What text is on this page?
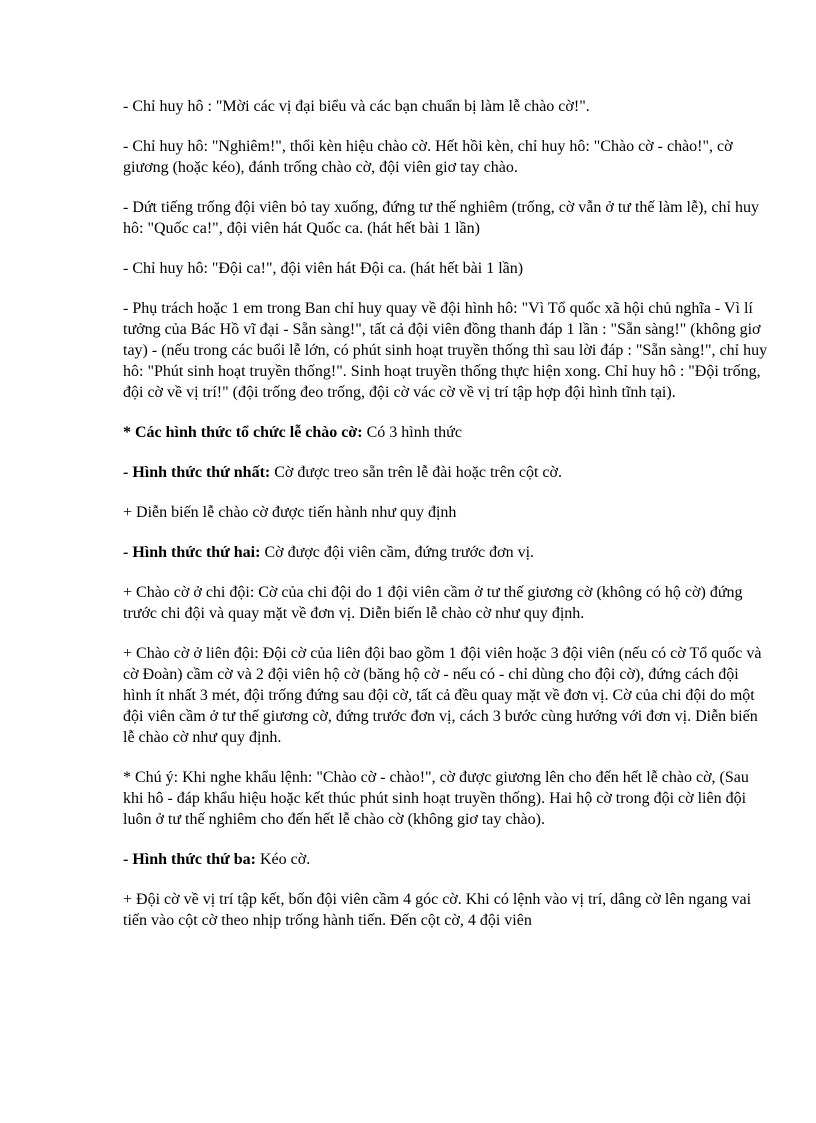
- Chỉ huy hô : "Mời các vị đại biểu và các bạn chuẩn bị làm lễ chào cờ!".

- Chỉ huy hô: "Nghiêm!", thổi kèn hiệu chào cờ. Hết hồi kèn, chỉ huy hô: "Chào cờ - chào!", cờ giương (hoặc kéo), đánh trống chào cờ, đội viên giơ tay chào.

- Dứt tiếng trống đội viên bỏ tay xuống, đứng tư thế nghiêm (trống, cờ vẫn ở tư thế làm lễ), chỉ huy hô: "Quốc ca!", đội viên hát Quốc ca. (hát hết bài 1 lần)

- Chỉ huy hô: "Đội ca!", đội viên hát Đội ca. (hát hết bài 1 lần)

- Phụ trách hoặc 1 em trong Ban chỉ huy quay về đội hình hô: "Vì Tổ quốc xã hội chủ nghĩa - Vì lí tưởng của Bác Hồ vĩ đại - Sẵn sàng!", tất cả đội viên đồng thanh đáp 1 lần : "Sẵn sàng!" (không giơ tay) - (nếu trong các buổi lễ lớn, có phút sinh hoạt truyền thống thì sau lời đáp : "Sẵn sàng!", chỉ huy hô: "Phút sinh hoạt truyền thống!". Sinh hoạt truyền thống thực hiện xong. Chỉ huy hô : "Đội trống, đội cờ về vị trí!" (đội trống đeo trống, đội cờ vác cờ về vị trí tập hợp đội hình tĩnh tại).

* Các hình thức tổ chức lễ chào cờ: Có 3 hình thức

- Hình thức thứ nhất: Cờ được treo sẵn trên lễ đài hoặc trên cột cờ.

+ Diễn biến lễ chào cờ được tiến hành như quy định

- Hình thức thứ hai: Cờ được đội viên cầm, đứng trước đơn vị.

+ Chào cờ ở chi đội: Cờ của chi đội do 1 đội viên cầm ở tư thế giương cờ (không có hộ cờ) đứng trước chi đội và quay mặt về đơn vị. Diễn biến lễ chào cờ như quy định.

+ Chào cờ ở liên đội: Đội cờ của liên đội bao gồm 1 đội viên hoặc 3 đội viên (nếu có cờ Tổ quốc và cờ Đoàn) cầm cờ và 2 đội viên hộ cờ (băng hộ cờ - nếu có - chỉ dùng cho đội cờ), đứng cách đội hình ít nhất 3 mét, đội trống đứng sau đội cờ, tất cả đều quay mặt về đơn vị. Cờ của chi đội do một đội viên cầm ở tư thế giương cờ, đứng trước đơn vị, cách 3 bước cùng hướng với đơn vị. Diễn biến lễ chào cờ như quy định.

* Chú ý: Khi nghe khẩu lệnh: "Chào cờ - chào!", cờ được giương lên cho đến hết lễ chào cờ, (Sau khi hô - đáp khẩu hiệu hoặc kết thúc phút sinh hoạt truyền thống). Hai hộ cờ trong đội cờ liên đội luôn ở tư thế nghiêm cho đến hết lễ chào cờ (không giơ tay chào).

- Hình thức thứ ba: Kéo cờ.

+ Đội cờ về vị trí tập kết, bốn đội viên cầm 4 góc cờ. Khi có lệnh vào vị trí, dâng cờ lên ngang vai tiến vào cột cờ theo nhịp trống hành tiến. Đến cột cờ, 4 đội viên
